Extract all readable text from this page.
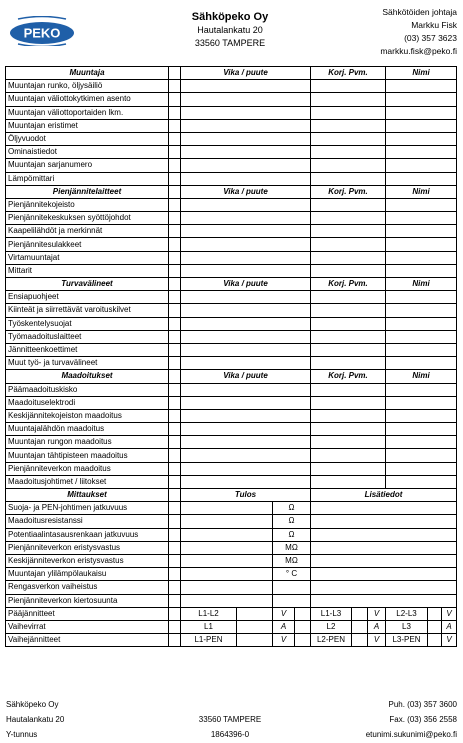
PEKO
Sähköpeko Oy
Hautalankatu 20
33560 TAMPERE
Sähkötöiden johtaja
Markku Fisk
(03) 357 3623
markku.fisk@peko.fi
Muuntaja		Vika / puute				Korj. Pvm.			Nimi		
Muuntajan runko, öljysäiliö											
Muuntajan väliottokytkimen asento											
Muuntajan väliottoportaiden lkm.											
Muuntajan eristimet											
Öljyvuodot											
Ominaistiedot											
Muuntajan sarjanumero											
Lämpömittari											
Pienjännitelaitteet		Vika / puute				Korj. Pvm.			Nimi		
Pienjännitekojeisto											
Pienjännitekeskuksen syöttöjohdot											
Kaapelilähdöt ja merkinnät											
Pienjännitesulakkeet											
Virtamuuntajat											
Mittarit											
Turvavälineet		Vika / puute				Korj. Pvm.			Nimi		
Ensiapuohjeet											
Kiinteät ja siirrettävät varoituskilvet											
Työskentelysuojat											
Työmaadoituslaitteet											
Jännitteenkoettimet											
Muut työ- ja turvavälineet											
Maadoitukset		Vika / puute				Korj. Pvm.			Nimi		
Päämaadoituskisko											
Maadoituselektrodi											
Keskijännitekojeiston maadoitus											
Muuntajalähdön maadoitus											
Muuntajan rungon maadoitus											
Muuntajan tähtipisteen maadoitus											
Pienjänniteverkon maadoitus											
Maadoitusjohtimet / liitokset											
Mittaukset		Tulos				Lisätiedot					
Suoja- ja PEN-johtimen jatkuvuus				Ω							
Maadoitusresistanssi				Ω							
Potentiaalintasausrenkaan jatkuvuus				Ω							
Pienjänniteverkon eristysvastus				MΩ							
Keskijänniteverkon eristysvastus				MΩ							
Muuntajan ylilämpölaukaisu				° C							
Rengasverkon vaiheistus											
Pienjänniteverkon kiertosuunta											
Pääjännitteet		L1-L2		V		L1-L3		V	L2-L3		V
Vaihevirrat		L1		A		L2		A	L3		A
Vaihejännitteet		L1-PEN		V		L2-PEN		V	L3-PEN		V
Sähköpeko Oy
Hautalankatu 20
Y-tunnus
33560 TAMPERE
1864396-0
Puh. (03) 357 3600
Fax. (03) 356 2558
etunimi.sukunimi@peko.fi
